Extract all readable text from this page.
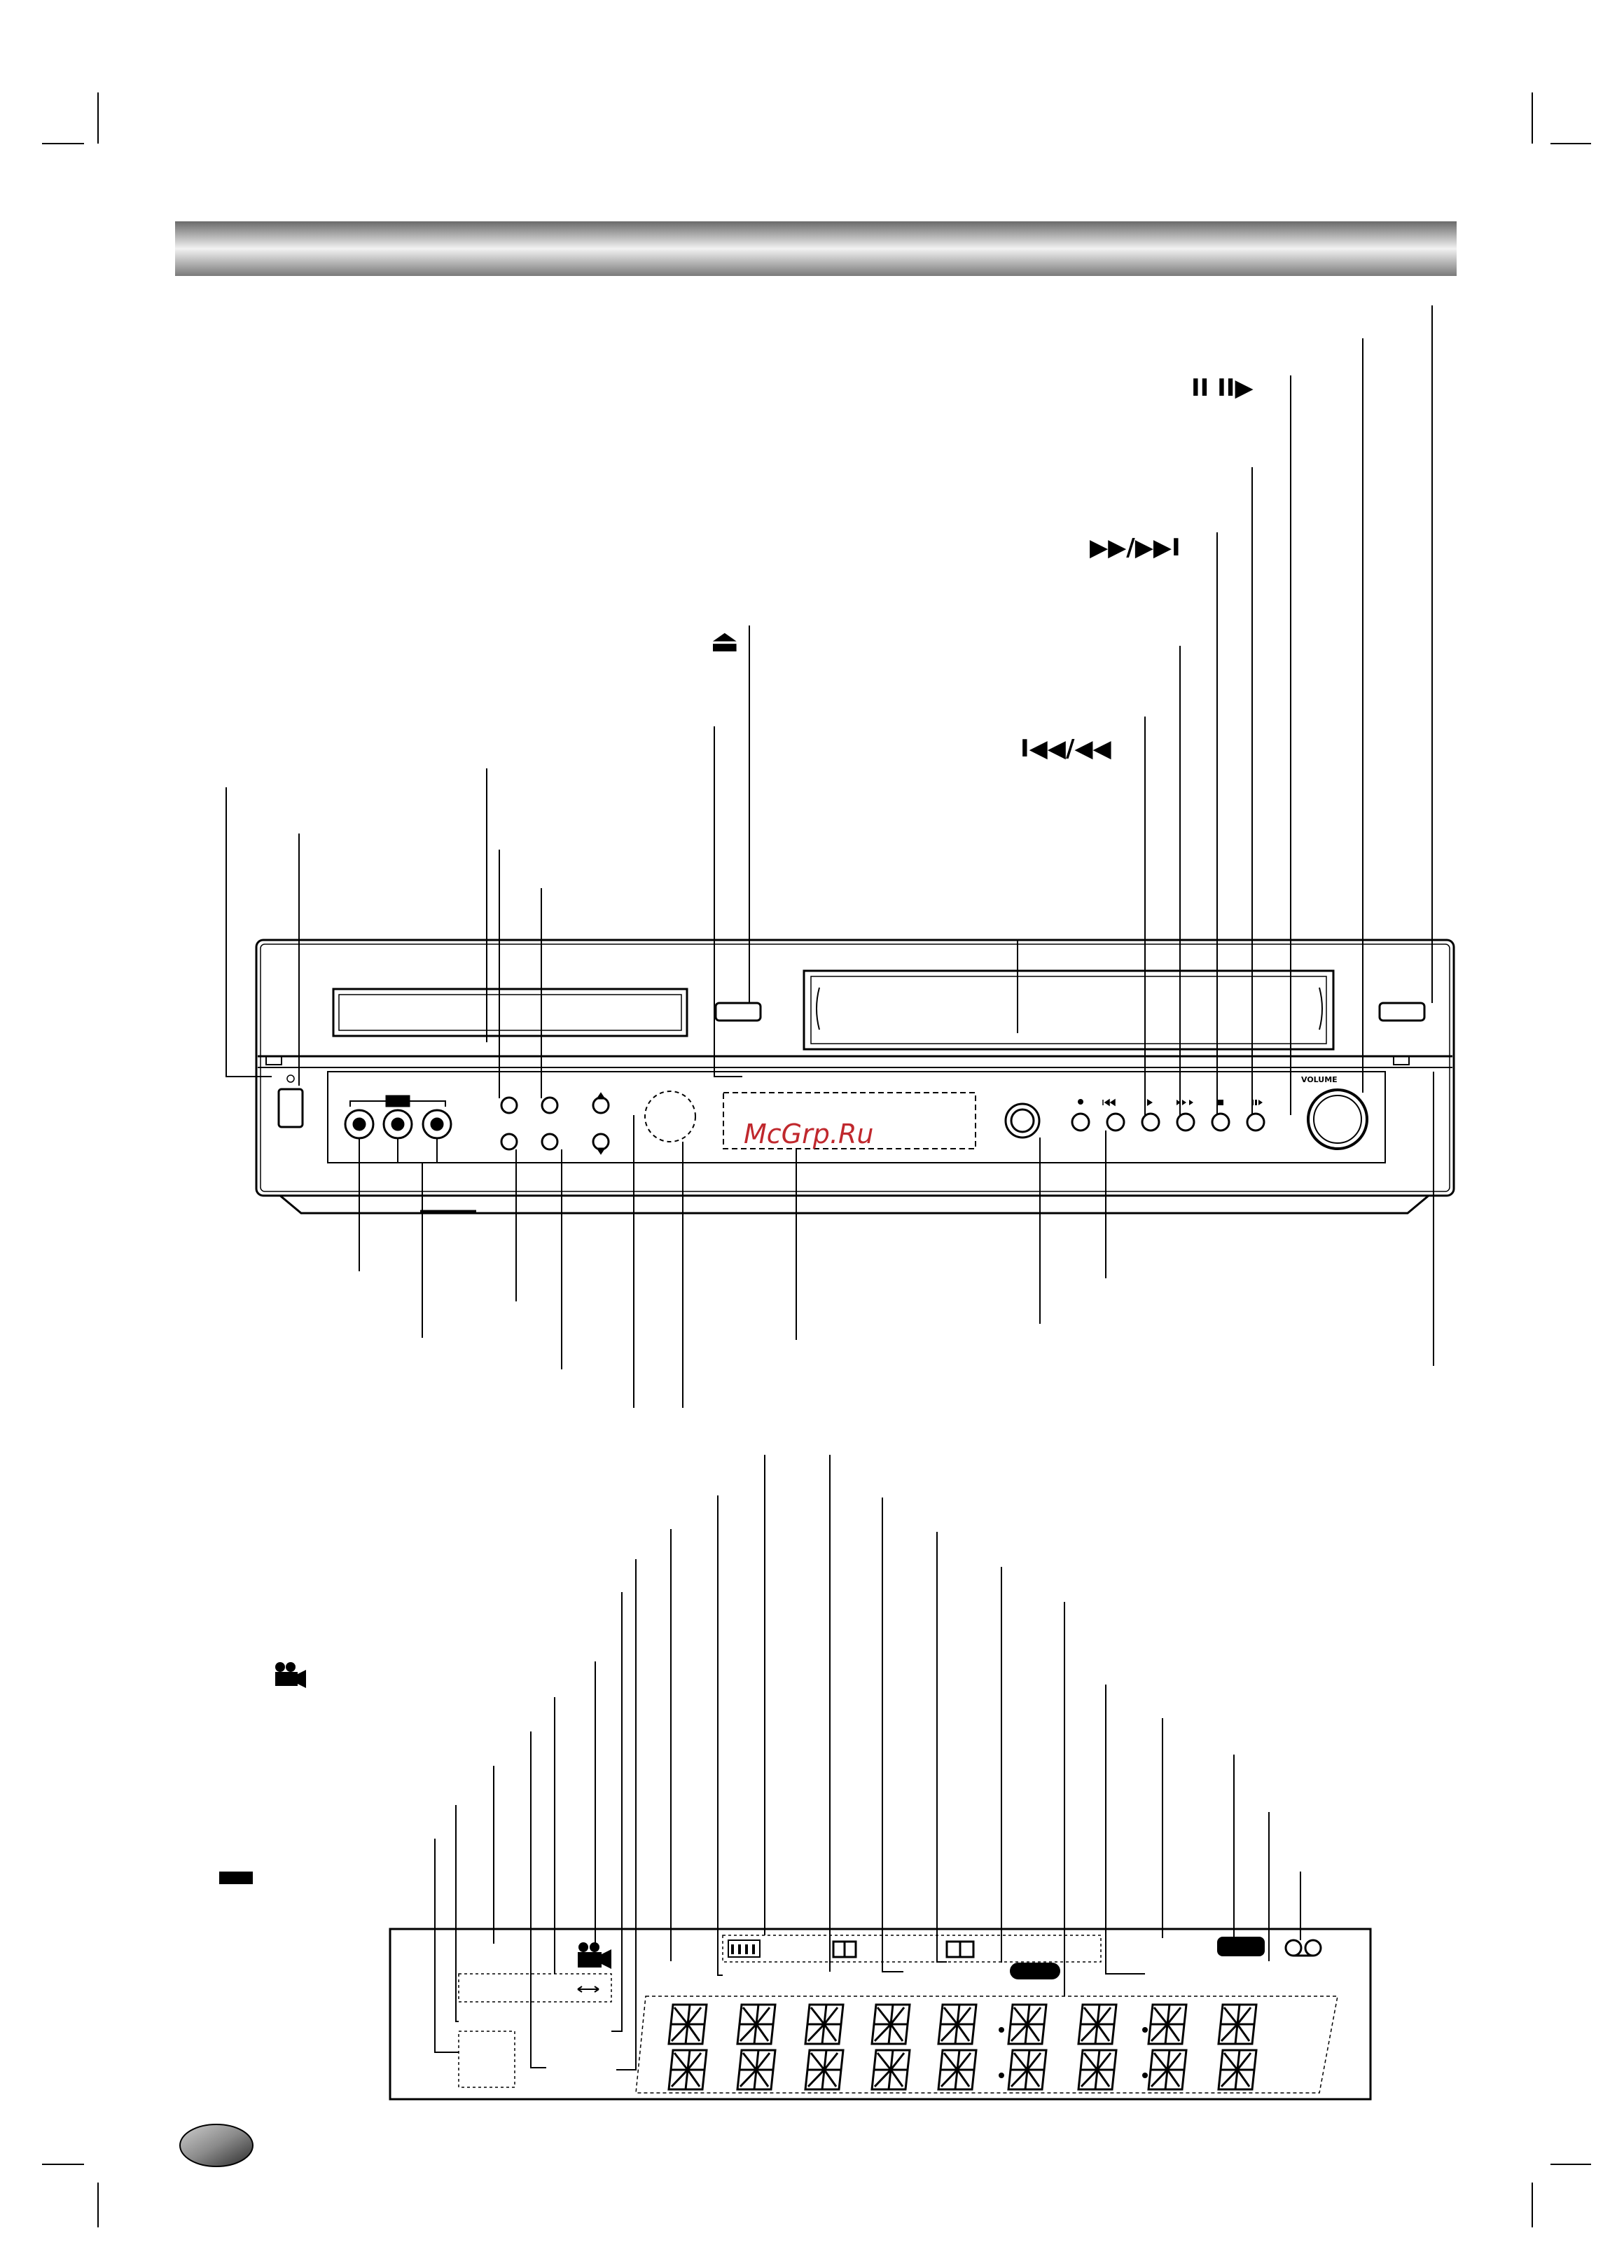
VOLUME
II II▶
▶▶/▶▶I
⏏
I◀◀/◀◀
McGrp.Ru
